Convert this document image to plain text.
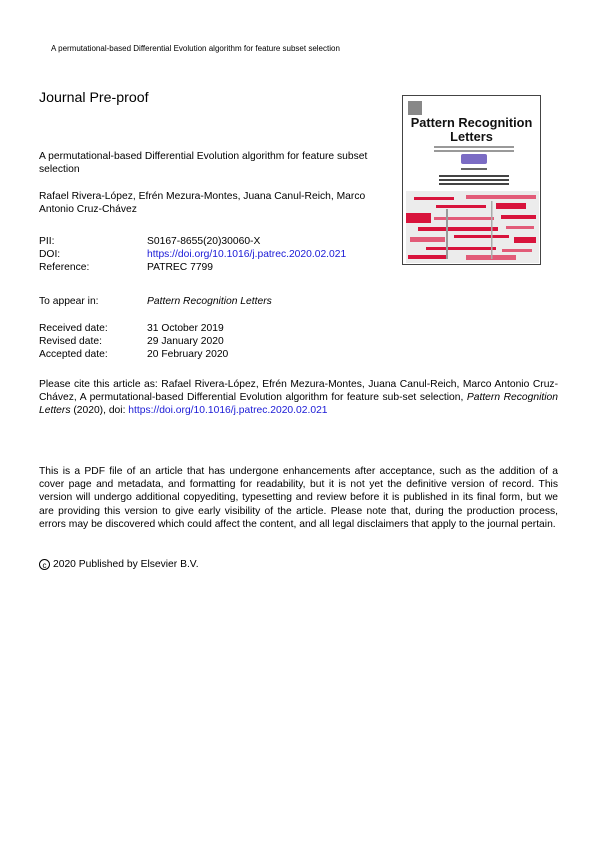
A permutational-based Differential Evolution algorithm for feature subset selection
Journal Pre-proof
Pattern Recognition
Letters
A permutational-based Differential Evolution algorithm for feature subset selection
Rafael Rivera-López, Efrén Mezura-Montes, Juana Canul-Reich, Marco Antonio Cruz-Chávez
PII:	S0167-8655(20)30060-X
DOI:	https://doi.org/10.1016/j.patrec.2020.02.021
Reference:	PATREC 7799
To appear in:	Pattern Recognition Letters
Received date:	31 October 2019
Revised date:	29 January 2020
Accepted date:	20 February 2020
Please cite this article as: Rafael Rivera-López, Efrén Mezura-Montes, Juana Canul-Reich, Marco Antonio Cruz-Chávez, A permutational-based Differential Evolution algorithm for feature sub-set selection, Pattern Recognition Letters (2020), doi: https://doi.org/10.1016/j.patrec.2020.02.021
This is a PDF file of an article that has undergone enhancements after acceptance, such as the addition of a cover page and metadata, and formatting for readability, but it is not yet the definitive version of record. This version will undergo additional copyediting, typesetting and review before it is published in its final form, but we are providing this version to give early visibility of the article. Please note that, during the production process, errors may be discovered which could affect the content, and all legal disclaimers that apply to the journal pertain.
c 2020 Published by Elsevier B.V.
